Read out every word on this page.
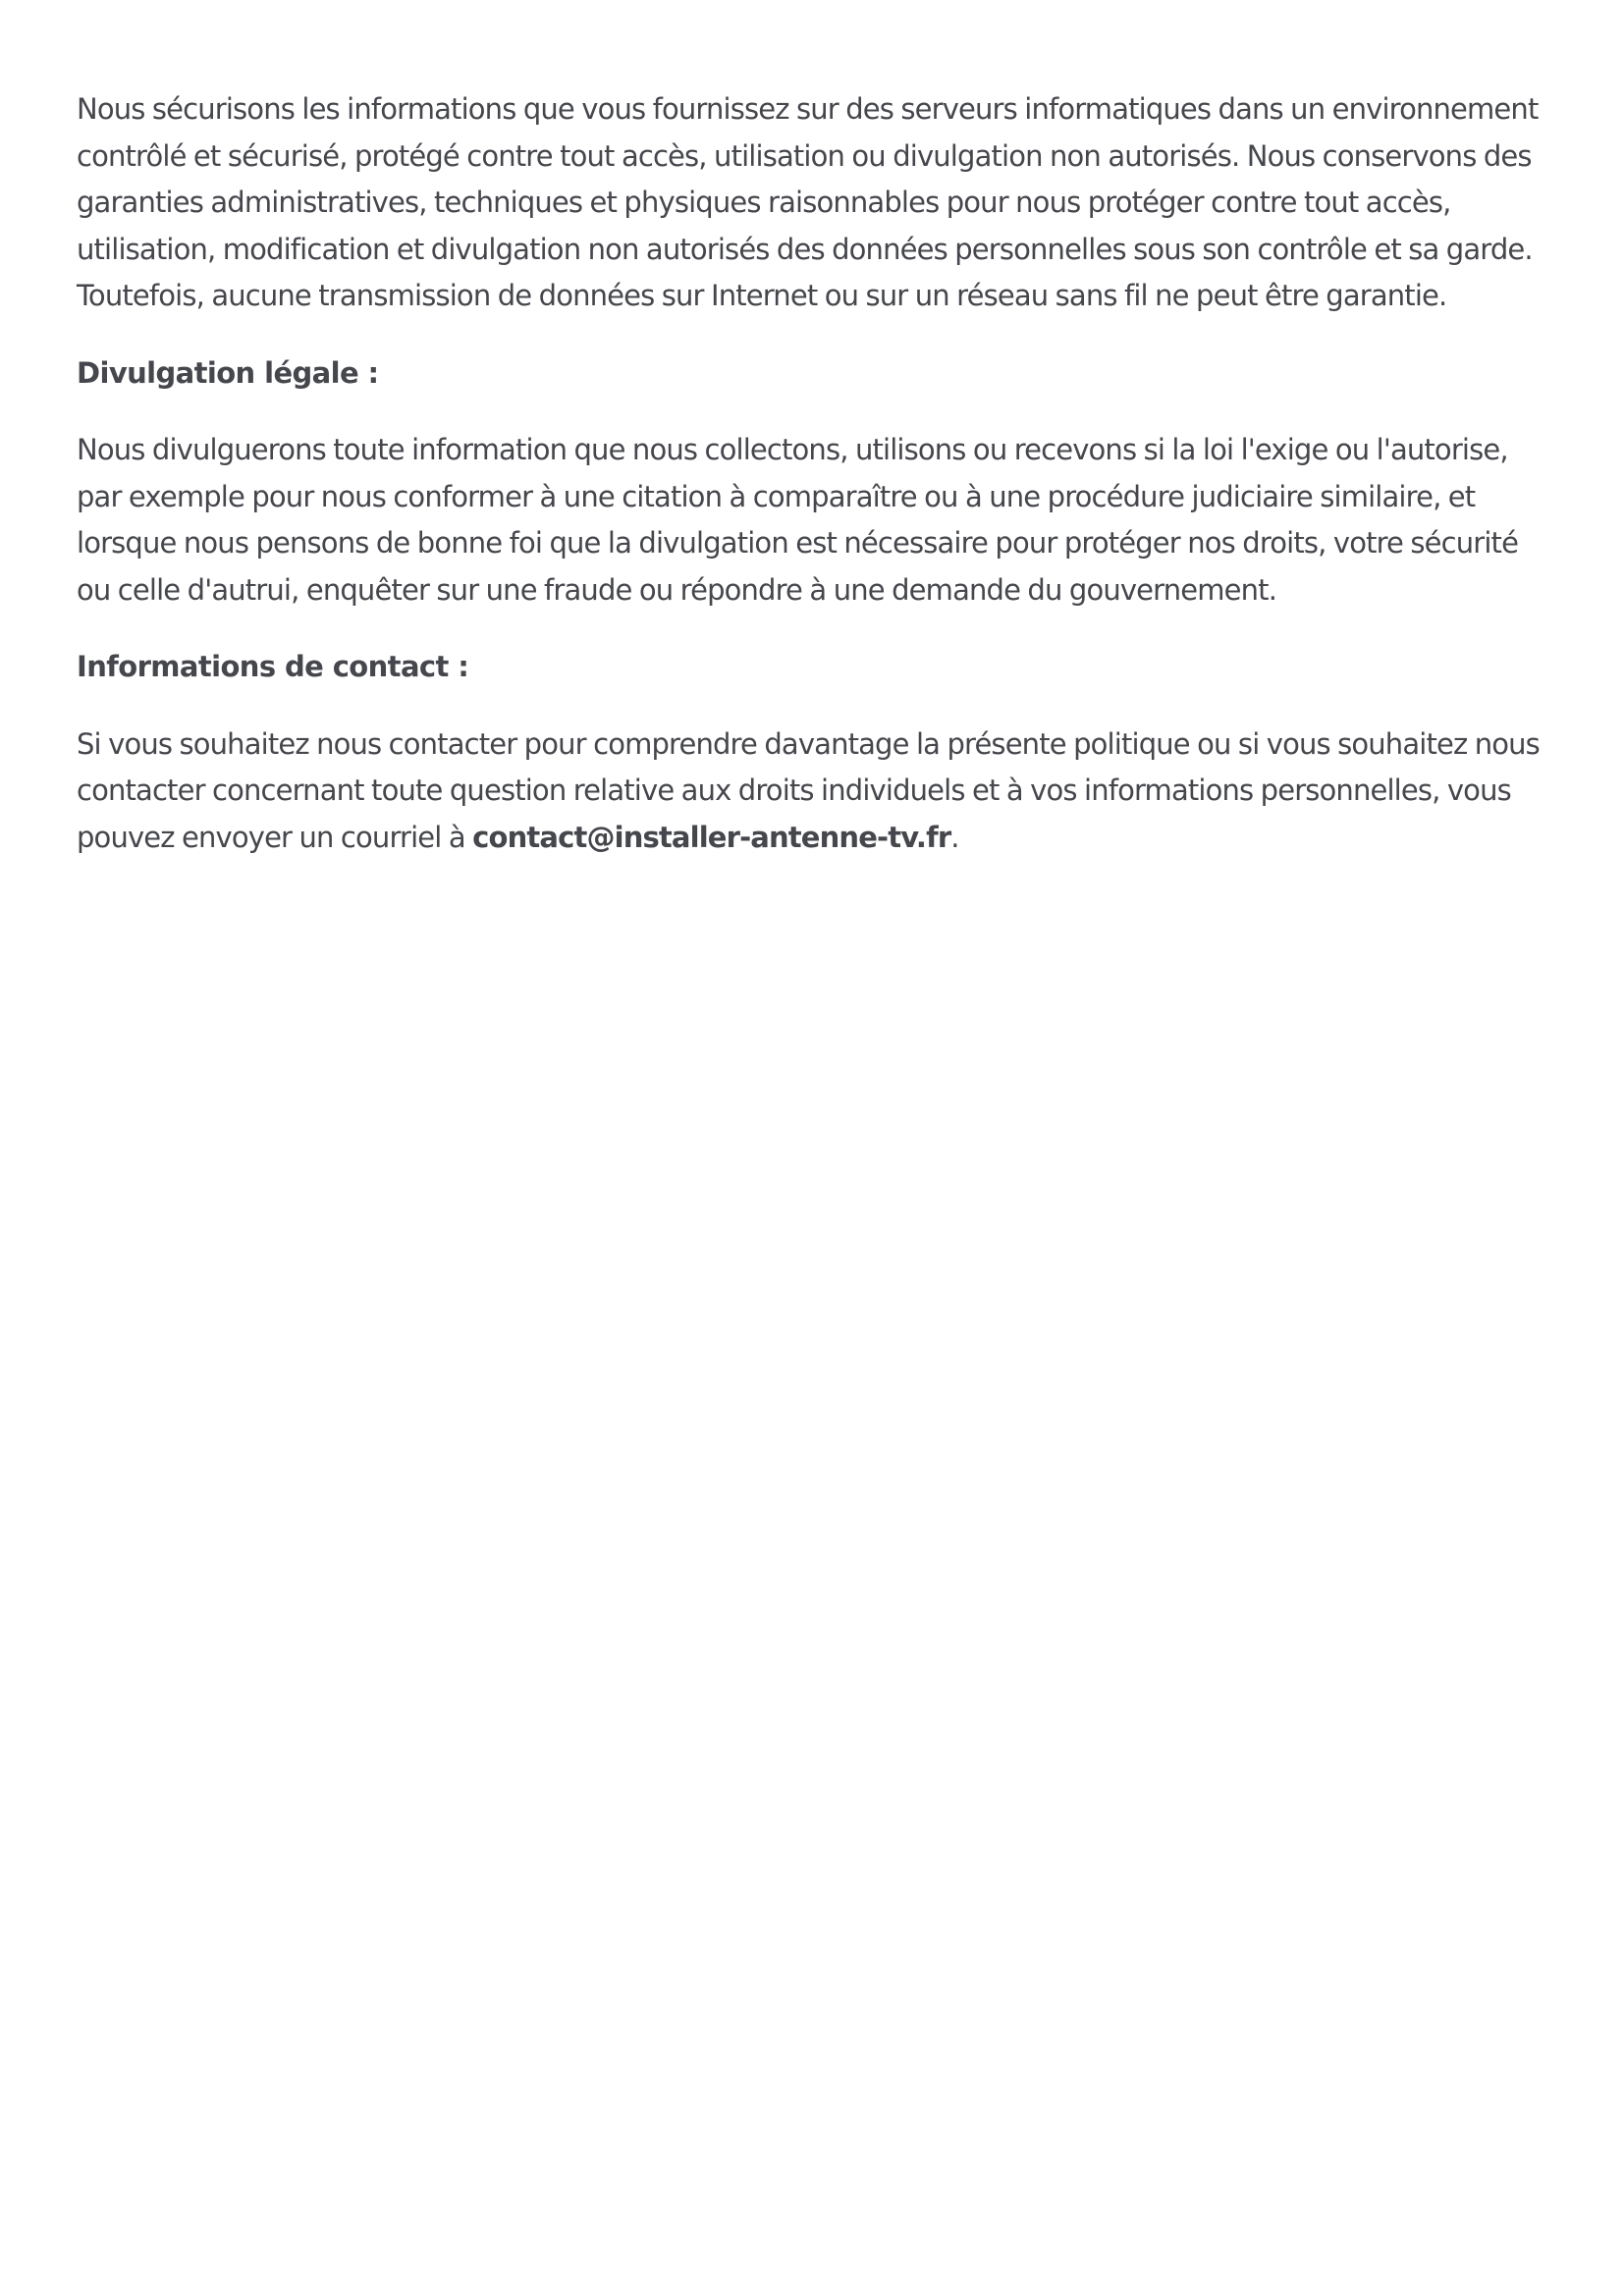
Nous sécurisons les informations que vous fournissez sur des serveurs informatiques dans un environnement contrôlé et sécurisé, protégé contre tout accès, utilisation ou divulgation non autorisés. Nous conservons des garanties administratives, techniques et physiques raisonnables pour nous protéger contre tout accès, utilisation, modification et divulgation non autorisés des données personnelles sous son contrôle et sa garde. Toutefois, aucune transmission de données sur Internet ou sur un réseau sans fil ne peut être garantie.

Divulgation légale :

Nous divulguerons toute information que nous collectons, utilisons ou recevons si la loi l'exige ou l'autorise, par exemple pour nous conformer à une citation à comparaître ou à une procédure judiciaire similaire, et lorsque nous pensons de bonne foi que la divulgation est nécessaire pour protéger nos droits, votre sécurité ou celle d'autrui, enquêter sur une fraude ou répondre à une demande du gouvernement.

Informations de contact :

Si vous souhaitez nous contacter pour comprendre davantage la présente politique ou si vous souhaitez nous contacter concernant toute question relative aux droits individuels et à vos informations personnelles, vous pouvez envoyer un courriel à contact@installer-antenne-tv.fr.
